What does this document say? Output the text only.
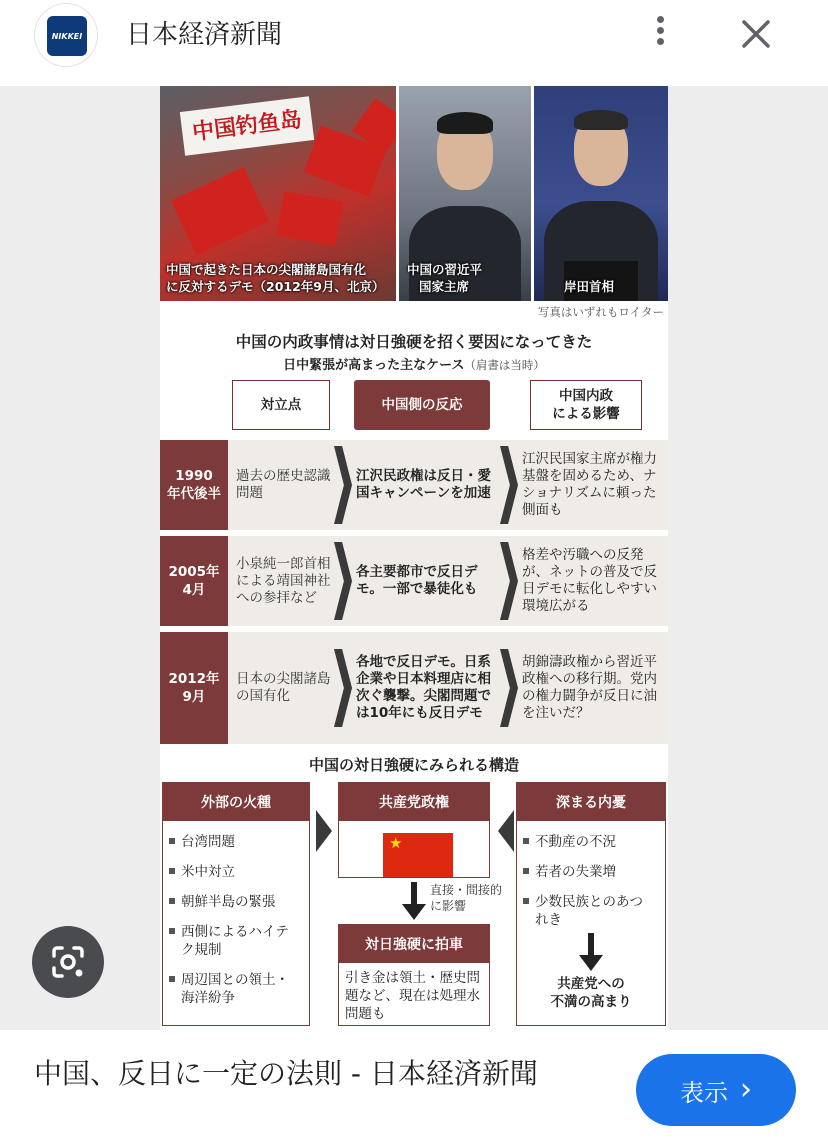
NIKKEI 日本経済新聞
中国钓鱼岛
中国で起きた日本の尖閣諸島国有化
に反対するデモ（2012年9月、北京）
中国の習近平
国家主席	岸田首相
写真はいずれもロイター
中国の内政事情は対日強硬を招く要因になってきた
日中緊張が高まった主なケース（肩書は当時）
対立点	中国側の反応
中国内政
による影響
1990
年代後半
過去の歴史認識問題
江沢民政権は反日・愛国キャンペーンを加速
江沢民国家主席が権力基盤を固めるため、ナショナリズムに頼った側面も
2005年
4月
小泉純一郎首相による靖国神社への参拝など
各主要都市で反日デモ。一部で暴徒化も
格差や汚職への反発が、ネットの普及で反日デモに転化しやすい環境広がる
2012年
9月
日本の尖閣諸島の国有化
各地で反日デモ。日系企業や日本料理店に相次ぐ襲撃。尖閣問題では10年にも反日デモ
胡錦濤政権から習近平政権への移行期。党内の権力闘争が反日に油を注いだ？
中国の対日強硬にみられる構造
外部の火種
台湾問題
米中対立
朝鮮半島の緊張
西側によるハイテク規制
周辺国との領土・海洋紛争
共産党政権
★
直接・間接的
に影響
対日強硬に拍車
引き金は領土・歴史問題など、現在は処理水問題も
深まる内憂
不動産の不況
若者の失業増
少数民族とのあつれき
共産党への
不満の高まり
中国、反日に一定の法則 - 日本経済新聞
表示 ›
